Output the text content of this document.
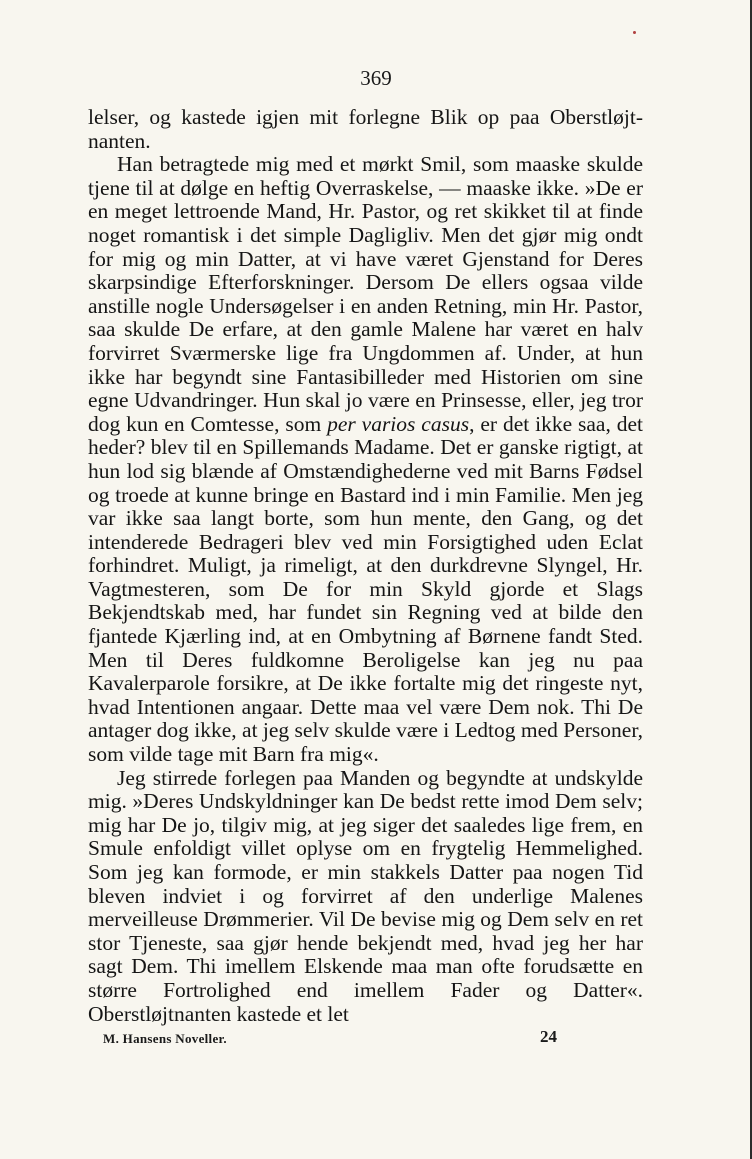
369

lelser, og kastede igjen mit forlegne Blik op paa Oberstløjt-nanten.

Han betragtede mig med et mørkt Smil, som maaske skulde tjene til at dølge en heftig Overraskelse, — maaske ikke. »De er en meget lettroende Mand, Hr. Pastor, og ret skikket til at finde noget romantisk i det simple Dagligliv. Men det gjør mig ondt for mig og min Datter, at vi have været Gjenstand for Deres skarpsindige Efterforskninger. Dersom De ellers ogsaa vilde anstille nogle Undersøgelser i en anden Retning, min Hr. Pastor, saa skulde De erfare, at den gamle Malene har været en halv forvirret Sværmerske lige fra Ungdommen af. Under, at hun ikke har begyndt sine Fantasibilleder med Historien om sine egne Udvandringer. Hun skal jo være en Prinsesse, eller, jeg tror dog kun en Comtesse, som per varios casus, er det ikke saa, det heder? blev til en Spillemands Madame. Det er ganske rigtigt, at hun lod sig blænde af Omstændighederne ved mit Barns Fødsel og troede at kunne bringe en Bastard ind i min Familie. Men jeg var ikke saa langt borte, som hun mente, den Gang, og det intenderede Bedrageri blev ved min Forsigtighed uden Eclat forhindret. Muligt, ja rimeligt, at den durkdrevne Slyngel, Hr. Vagtmesteren, som De for min Skyld gjorde et Slags Bekjendtskab med, har fundet sin Regning ved at bilde den fjantede Kjærling ind, at en Ombytning af Børnene fandt Sted. Men til Deres fuldkomne Beroligelse kan jeg nu paa Kavalerparole forsikre, at De ikke fortalte mig det ringeste nyt, hvad Intentionen angaar. Dette maa vel være Dem nok. Thi De antager dog ikke, at jeg selv skulde være i Ledtog med Personer, som vilde tage mit Barn fra mig«.

Jeg stirrede forlegen paa Manden og begyndte at undskylde mig. »Deres Undskyldninger kan De bedst rette imod Dem selv; mig har De jo, tilgiv mig, at jeg siger det saaledes lige frem, en Smule enfoldigt villet oplyse om en frygtelig Hemmelighed. Som jeg kan formode, er min stakkels Datter paa nogen Tid bleven indviet i og forvirret af den underlige Malenes merveilleuse Drømmerier. Vil De bevise mig og Dem selv en ret stor Tjeneste, saa gjør hende bekjendt med, hvad jeg her har sagt Dem. Thi imellem Elskende maa man ofte forudsætte en større Fortrolighed end imellem Fader og Datter«. Oberstløjtnanten kastede et let

M. Hansens Noveller.	24
